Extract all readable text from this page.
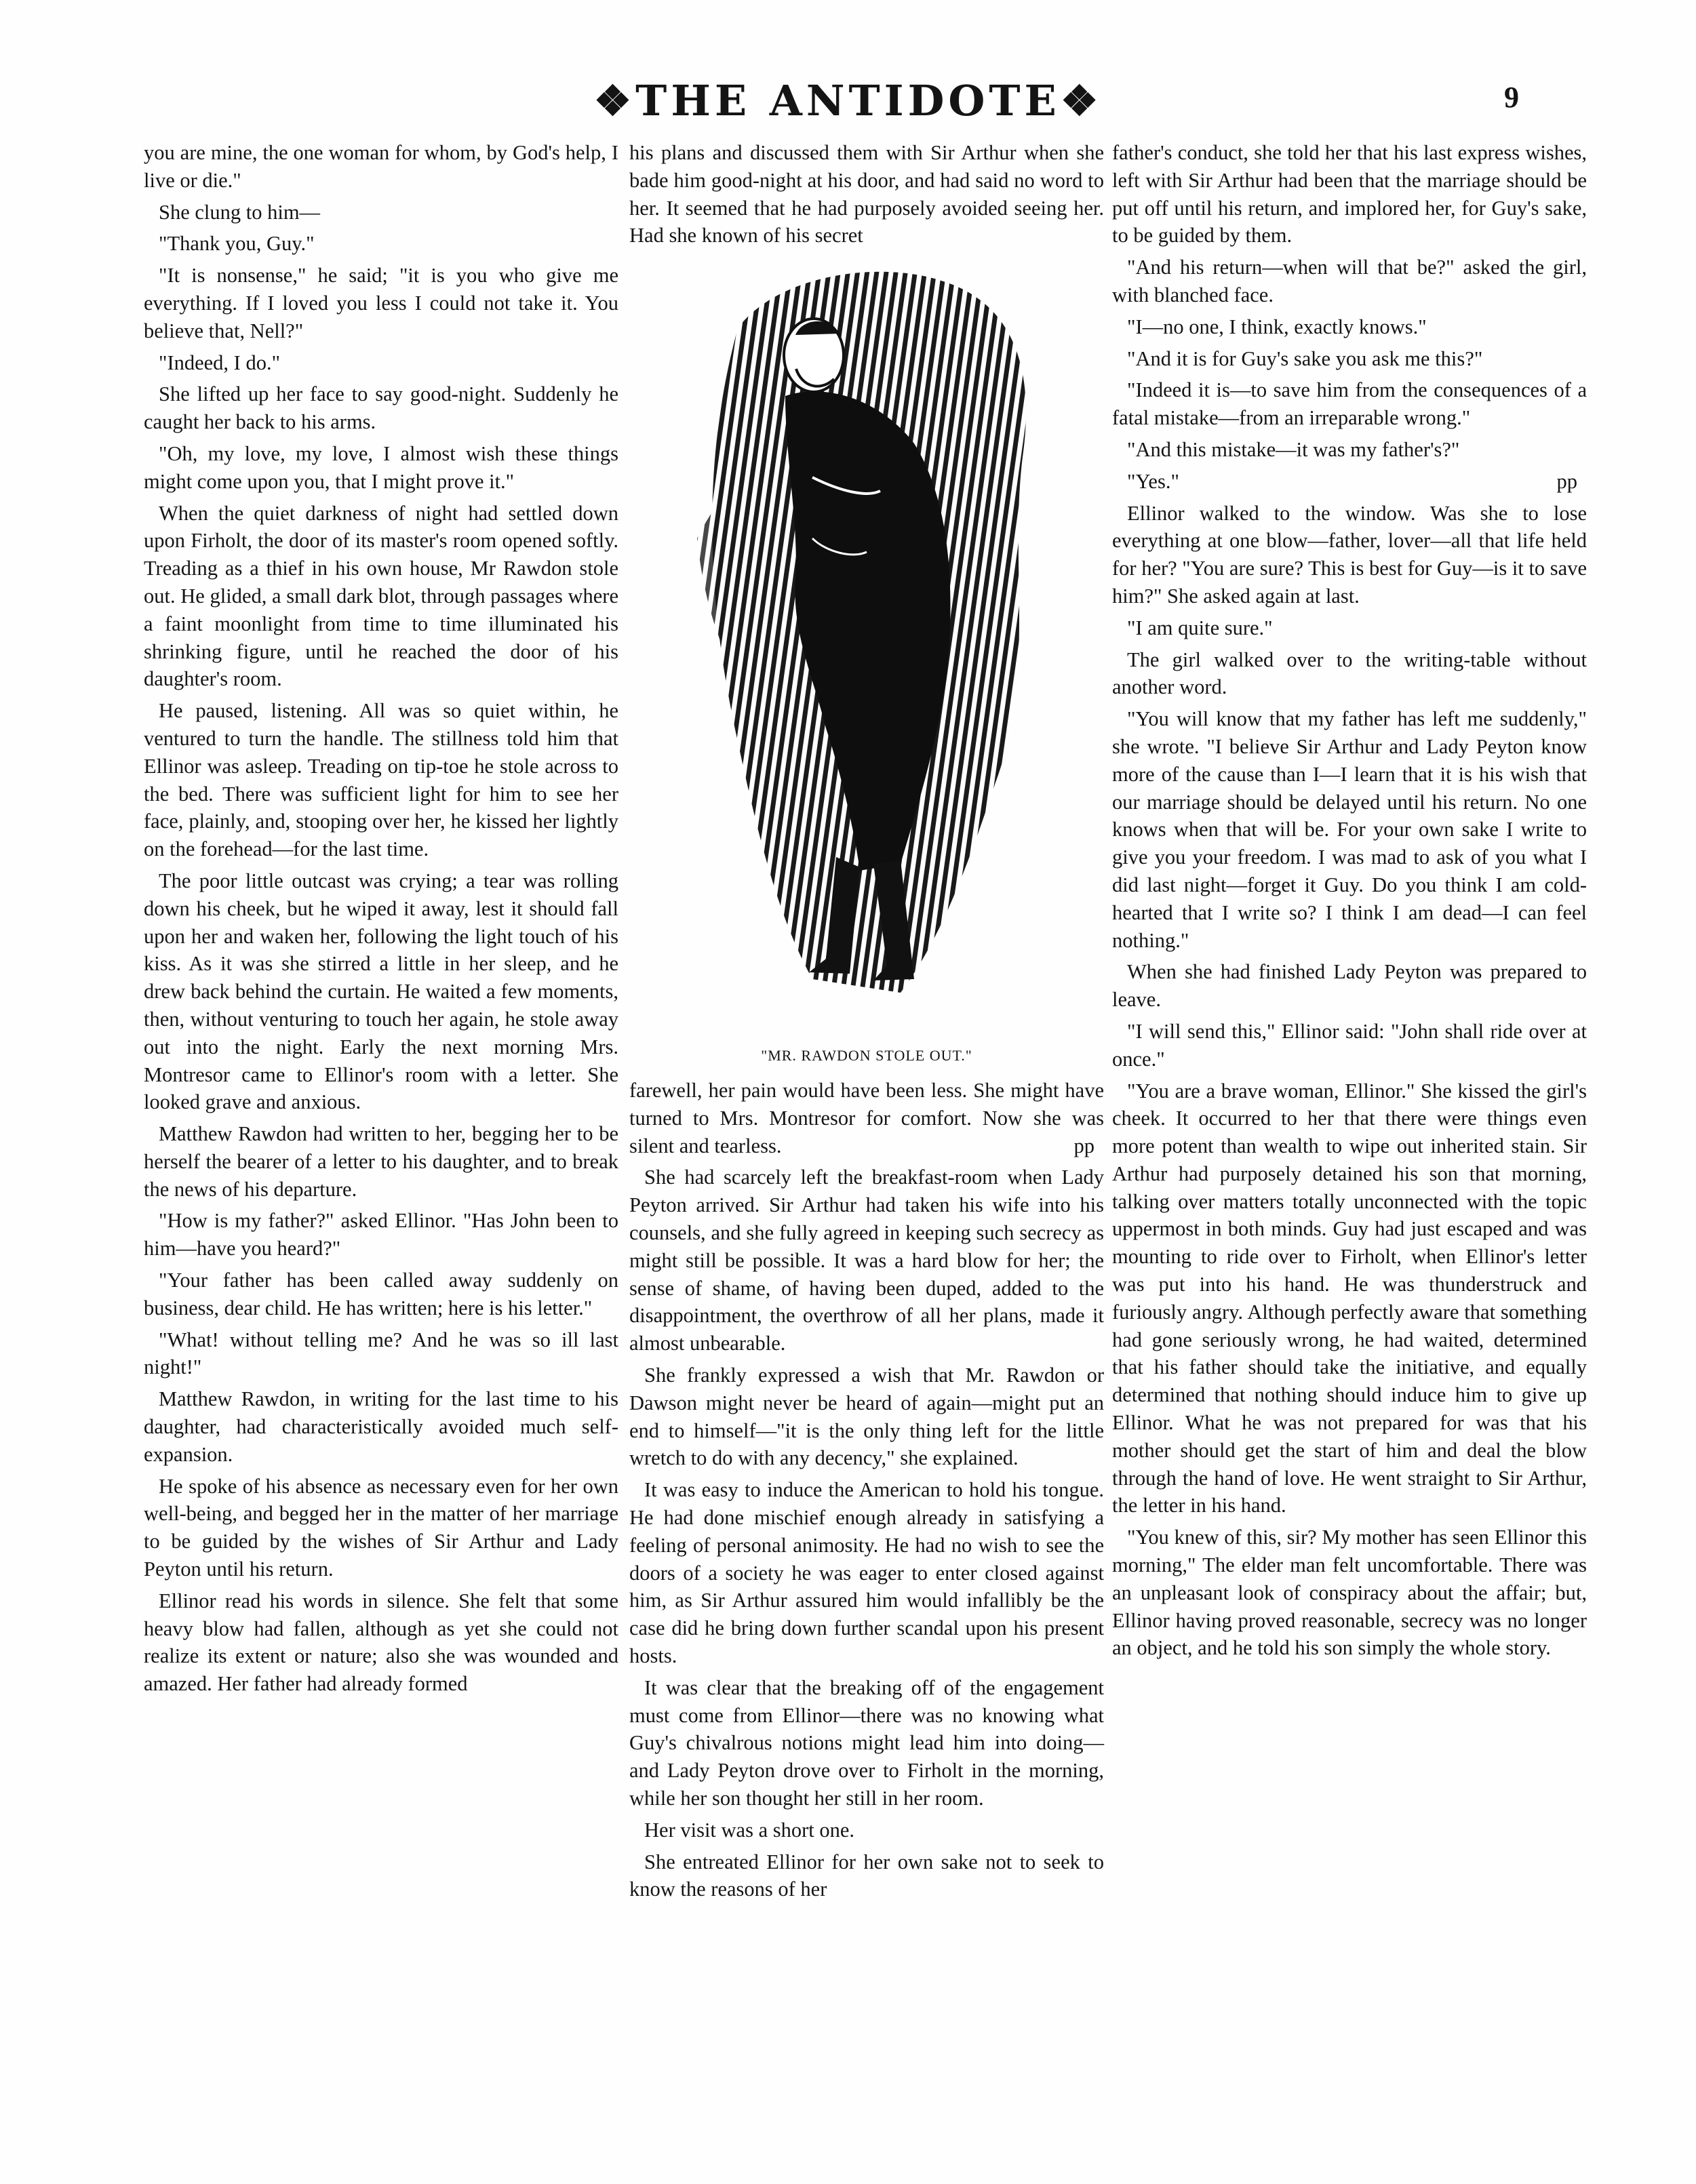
❖THE ANTIDOTE❖	9

you are mine, the one woman for whom, by God's help, I live or die."

She clung to him—

"Thank you, Guy."

"It is nonsense," he said; "it is you who give me everything. If I loved you less I could not take it. You believe that, Nell?"

"Indeed, I do."

She lifted up her face to say good-night. Suddenly he caught her back to his arms.

"Oh, my love, my love, I almost wish these things might come upon you, that I might prove it."

When the quiet darkness of night had settled down upon Firholt, the door of its master's room opened softly. Treading as a thief in his own house, Mr Rawdon stole out. He glided, a small dark blot, through passages where a faint moonlight from time to time illuminated his shrinking figure, until he reached the door of his daughter's room.

He paused, listening. All was so quiet within, he ventured to turn the handle. The stillness told him that Ellinor was asleep. Treading on tip-toe he stole across to the bed. There was sufficient light for him to see her face, plainly, and, stooping over her, he kissed her lightly on the forehead—for the last time.

The poor little outcast was crying; a tear was rolling down his cheek, but he wiped it away, lest it should fall upon her and waken her, following the light touch of his kiss. As it was she stirred a little in her sleep, and he drew back behind the curtain. He waited a few moments, then, without venturing to touch her again, he stole away out into the night. Early the next morning Mrs. Montresor came to Ellinor's room with a letter. She looked grave and anxious.

Matthew Rawdon had written to her, begging her to be herself the bearer of a letter to his daughter, and to break the news of his departure.

"How is my father?" asked Ellinor. "Has John been to him—have you heard?"

"Your father has been called away suddenly on business, dear child. He has written; here is his letter."

"What! without telling me? And he was so ill last night!"

Matthew Rawdon, in writing for the last time to his daughter, had characteristically avoided much self-expansion.

He spoke of his absence as necessary even for her own well-being, and begged her in the matter of her marriage to be guided by the wishes of Sir Arthur and Lady Peyton until his return.

Ellinor read his words in silence. She felt that some heavy blow had fallen, although as yet she could not realize its extent or nature; also she was wounded and amazed. Her father had already formed

his plans and discussed them with Sir Arthur when she bade him good-night at his door, and had said no word to her. It seemed that he had purposely avoided seeing her. Had she known of his secret

"MR. RAWDON STOLE OUT."

farewell, her pain would have been less. She might have turned to Mrs. Montresor for comfort. Now she was silent and tearless.	pp

She had scarcely left the breakfast-room when Lady Peyton arrived. Sir Arthur had taken his wife into his counsels, and she fully agreed in keeping such secrecy as might still be possible. It was a hard blow for her; the sense of shame, of having been duped, added to the disappointment, the overthrow of all her plans, made it almost unbearable.

She frankly expressed a wish that Mr. Rawdon or Dawson might never be heard of again—might put an end to himself—"it is the only thing left for the little wretch to do with any decency," she explained.

It was easy to induce the American to hold his tongue. He had done mischief enough already in satisfying a feeling of personal animosity. He had no wish to see the doors of a society he was eager to enter closed against him, as Sir Arthur assured him would infallibly be the case did he bring down further scandal upon his present hosts.

It was clear that the breaking off of the engagement must come from Ellinor—there was no knowing what Guy's chivalrous notions might lead him into doing—and Lady Peyton drove over to Firholt in the morning, while her son thought her still in her room.

Her visit was a short one.

She entreated Ellinor for her own sake not to seek to know the reasons of her

father's conduct, she told her that his last express wishes, left with Sir Arthur had been that the marriage should be put off until his return, and implored her, for Guy's sake, to be guided by them.

"And his return—when will that be?" asked the girl, with blanched face.

"I—no one, I think, exactly knows."

"And it is for Guy's sake you ask me this?"

"Indeed it is—to save him from the consequences of a fatal mistake—from an irreparable wrong."

"And this mistake—it was my father's?"

"Yes."	pp

Ellinor walked to the window. Was she to lose everything at one blow—father, lover—all that life held for her? "You are sure? This is best for Guy—is it to save him?" She asked again at last.

"I am quite sure."

The girl walked over to the writing-table without another word.

"You will know that my father has left me suddenly," she wrote. "I believe Sir Arthur and Lady Peyton know more of the cause than I—I learn that it is his wish that our marriage should be delayed until his return. No one knows when that will be. For your own sake I write to give you your freedom. I was mad to ask of you what I did last night—forget it Guy. Do you think I am cold-hearted that I write so? I think I am dead—I can feel nothing."

When she had finished Lady Peyton was prepared to leave.

"I will send this," Ellinor said: "John shall ride over at once."

"You are a brave woman, Ellinor." She kissed the girl's cheek. It occurred to her that there were things even more potent than wealth to wipe out inherited stain. Sir Arthur had purposely detained his son that morning, talking over matters totally unconnected with the topic uppermost in both minds. Guy had just escaped and was mounting to ride over to Firholt, when Ellinor's letter was put into his hand. He was thunderstruck and furiously angry. Although perfectly aware that something had gone seriously wrong, he had waited, determined that his father should take the initiative, and equally determined that nothing should induce him to give up Ellinor. What he was not prepared for was that his mother should get the start of him and deal the blow through the hand of love. He went straight to Sir Arthur, the letter in his hand.

"You knew of this, sir? My mother has seen Ellinor this morning," The elder man felt uncomfortable. There was an unpleasant look of conspiracy about the affair; but, Ellinor having proved reasonable, secrecy was no longer an object, and he told his son simply the whole story.
